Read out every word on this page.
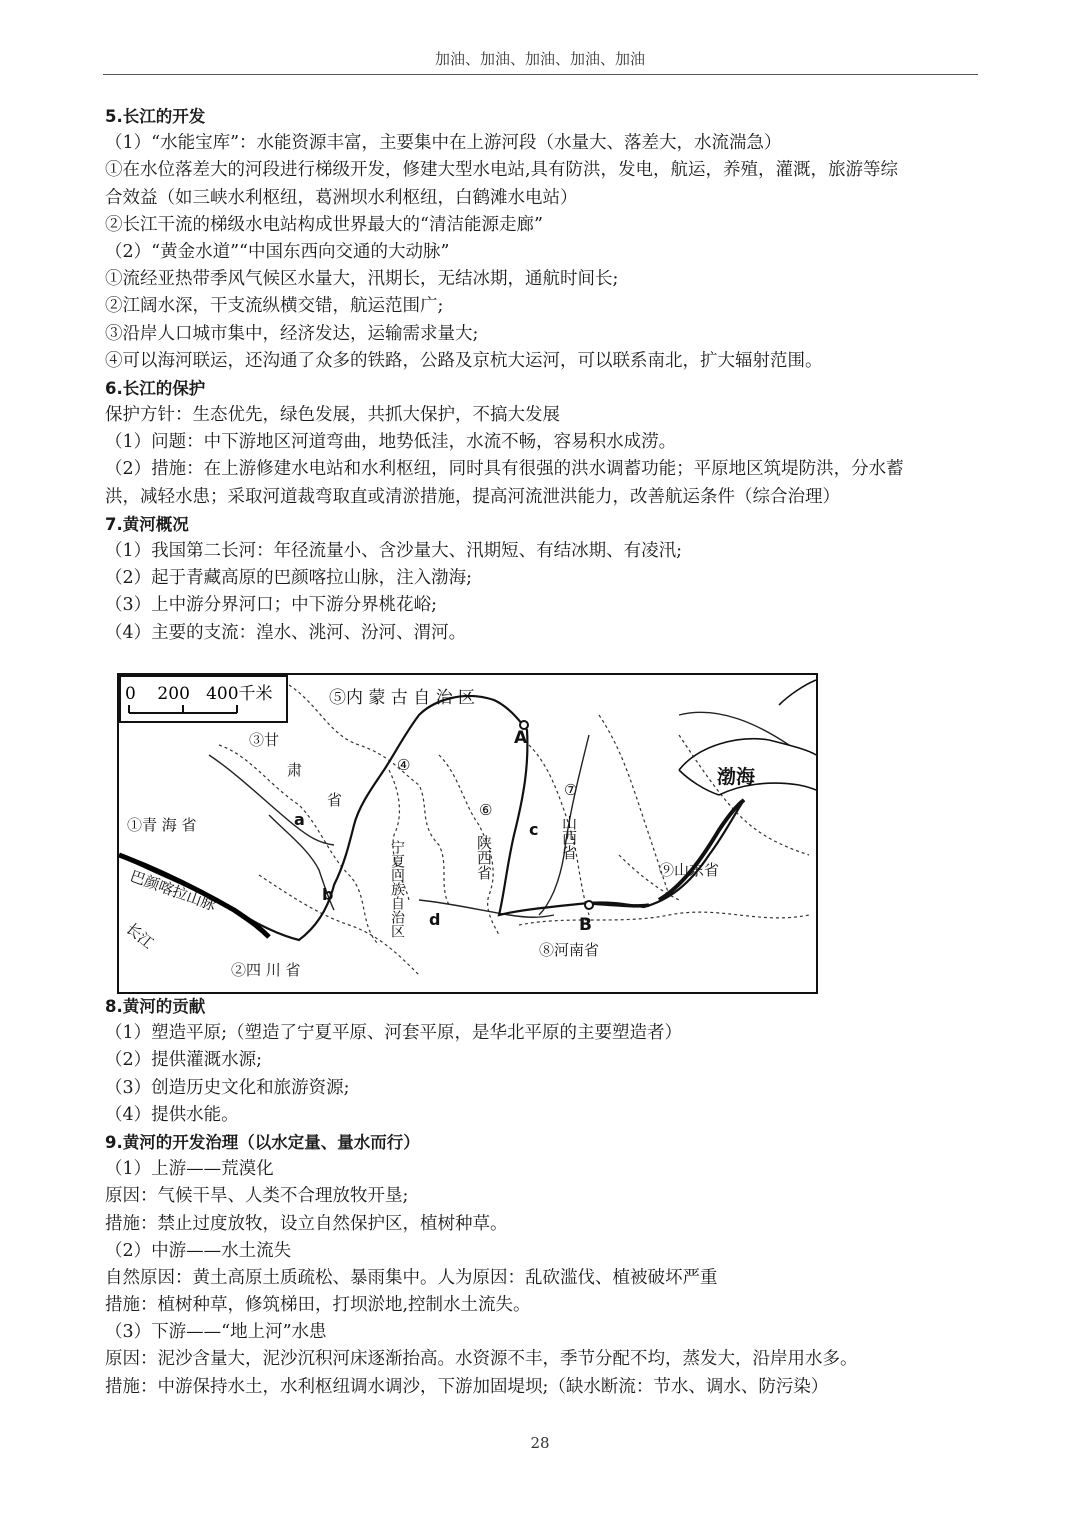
加油、加油、加油、加油、加油
5.长江的开发
（1）“水能宝库”：水能资源丰富，主要集中在上游河段（水量大、落差大，水流湍急）
①在水位落差大的河段进行梯级开发，修建大型水电站,具有防洪，发电，航运，养殖，灌溉，旅游等综
合效益（如三峡水利枢纽，葛洲坝水利枢纽，白鹤滩水电站）
②长江干流的梯级水电站构成世界最大的“清洁能源走廊”
（2）“黄金水道”“中国东西向交通的大动脉”
①流经亚热带季风气候区水量大，汛期长，无结冰期，通航时间长;
②江阔水深，干支流纵横交错，航运范围广;
③沿岸人口城市集中，经济发达，运输需求量大;
④可以海河联运，还沟通了众多的铁路，公路及京杭大运河，可以联系南北，扩大辐射范围。
6.长江的保护
保护方针：生态优先，绿色发展，共抓大保护，不搞大发展
（1）问题：中下游地区河道弯曲，地势低洼，水流不畅，容易积水成涝。
（2）措施：在上游修建水电站和水利枢纽，同时具有很强的洪水调蓄功能；平原地区筑堤防洪，分水蓄
洪，减轻水患；采取河道裁弯取直或清淤措施，提高河流泄洪能力，改善航运条件（综合治理）
7.黄河概况
（1）我国第二长河：年径流量小、含沙量大、汛期短、有结冰期、有凌汛;
（2）起于青藏高原的巴颜喀拉山脉，注入渤海;
（3）上中游分界河口；中下游分界桃花峪;
（4）主要的支流：湟水、洮河、汾河、渭河。
0    200   400千米	⑤内 蒙 古 自 治 区
③甘
肃
省
①青 海 省
④
宁夏回族自治区
⑥
陕西省
⑦
山西省
⑨山东省
⑧河南省
②四 川 省
渤海
巴颜喀拉山脉
长江
A
B
a
b
c
d
8.黄河的贡献
（1）塑造平原;（塑造了宁夏平原、河套平原，是华北平原的主要塑造者）
（2）提供灌溉水源;
（3）创造历史文化和旅游资源;
（4）提供水能。
9.黄河的开发治理（以水定量、量水而行）
（1）上游——荒漠化
原因：气候干旱、人类不合理放牧开垦;
措施：禁止过度放牧，设立自然保护区，植树种草。
（2）中游——水土流失
自然原因：黄土高原土质疏松、暴雨集中。人为原因：乱砍滥伐、植被破坏严重
措施：植树种草，修筑梯田，打坝淤地,控制水土流失。
（3）下游——“地上河”水患
原因：泥沙含量大，泥沙沉积河床逐渐抬高。水资源不丰，季节分配不均，蒸发大，沿岸用水多。
措施：中游保持水土，水利枢纽调水调沙，下游加固堤坝;（缺水断流：节水、调水、防污染）
28
